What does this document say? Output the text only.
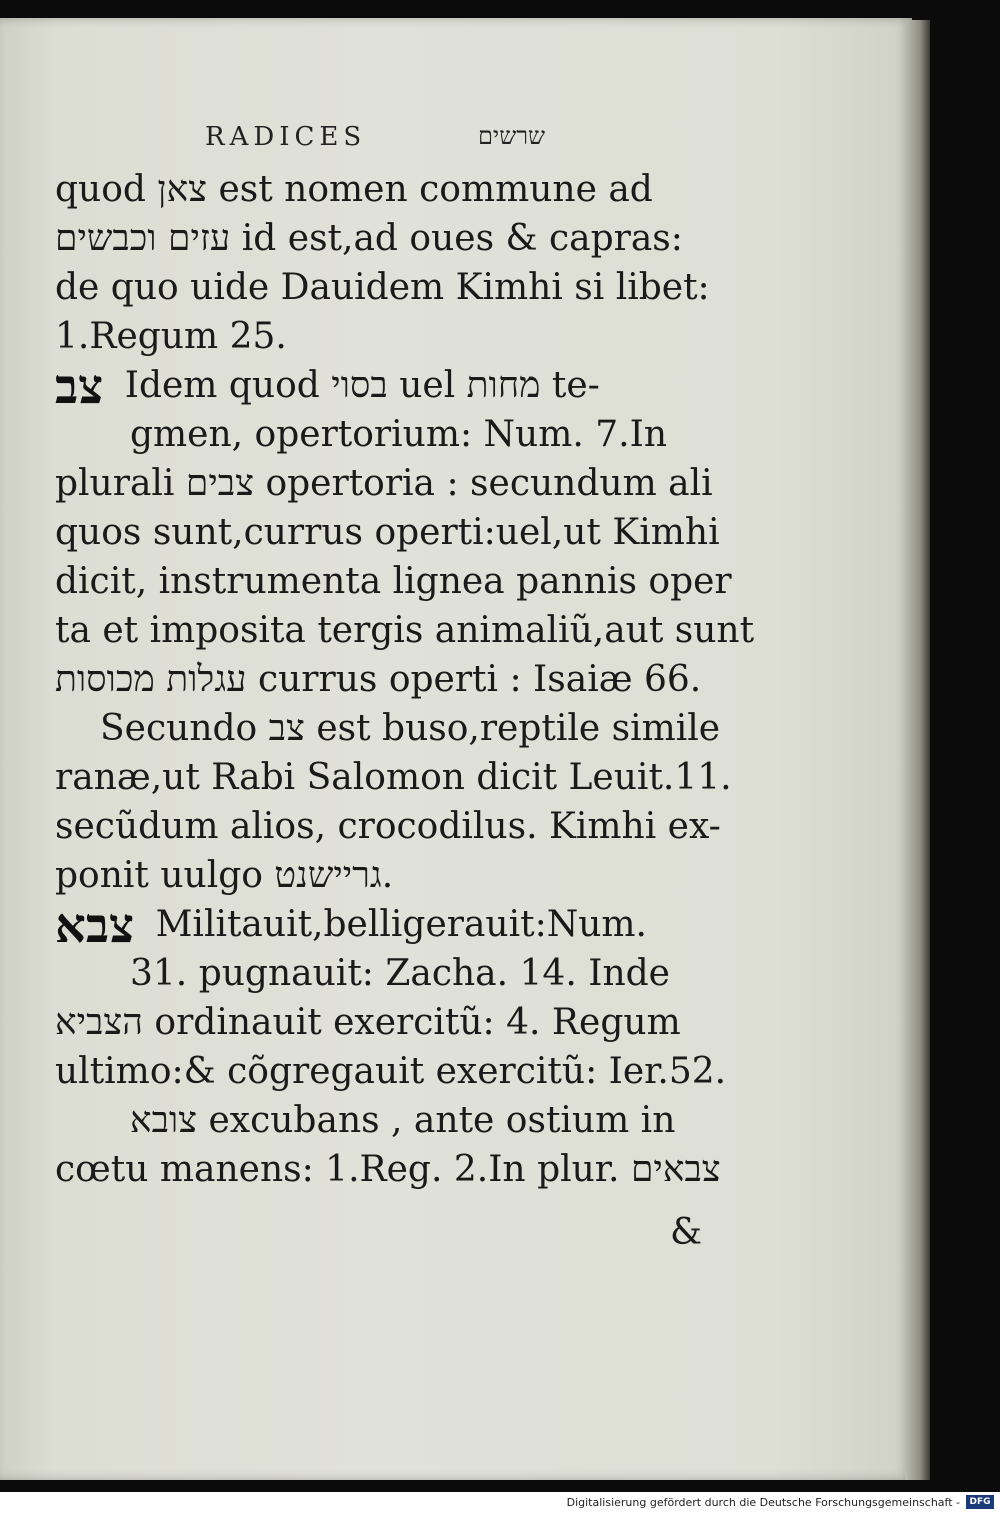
RADICES	שרשים
quod צאן est nomen commune ad
עזים וכבשים id est,ad oues & capras:
de quo uide Dauidem Kimhi si libet:
1.Regum 25.
צב Idem quod בסוי uel מחות te-
gmen, opertorium: Num. 7.In
plurali צבים opertoria : secundum ali
quos sunt,currus operti:uel,ut Kimhi
dicit, instrumenta lignea pannis oper
ta et imposita tergis animaliũ,aut sunt
עגלות מכוסות currus operti : Isaiæ 66.
Secundo צב est buso,reptile simile
ranæ,ut Rabi Salomon dicit Leuit.11.
secũdum alios, crocodilus. Kimhi ex-
ponit uulgo גריישנט.
צבא Militauit,belligerauit:Num.
31. pugnauit: Zacha. 14. Inde
הצביא ordinauit exercitũ: 4. Regum
ultimo:& cõgregauit exercitũ: Ier.52.
צובא excubans , ante ostium in
cœtu manens: 1.Reg. 2.In plur. צבאים
&
Digitalisierung gefördert durch die Deutsche Forschungsgemeinschaft -	DFG
